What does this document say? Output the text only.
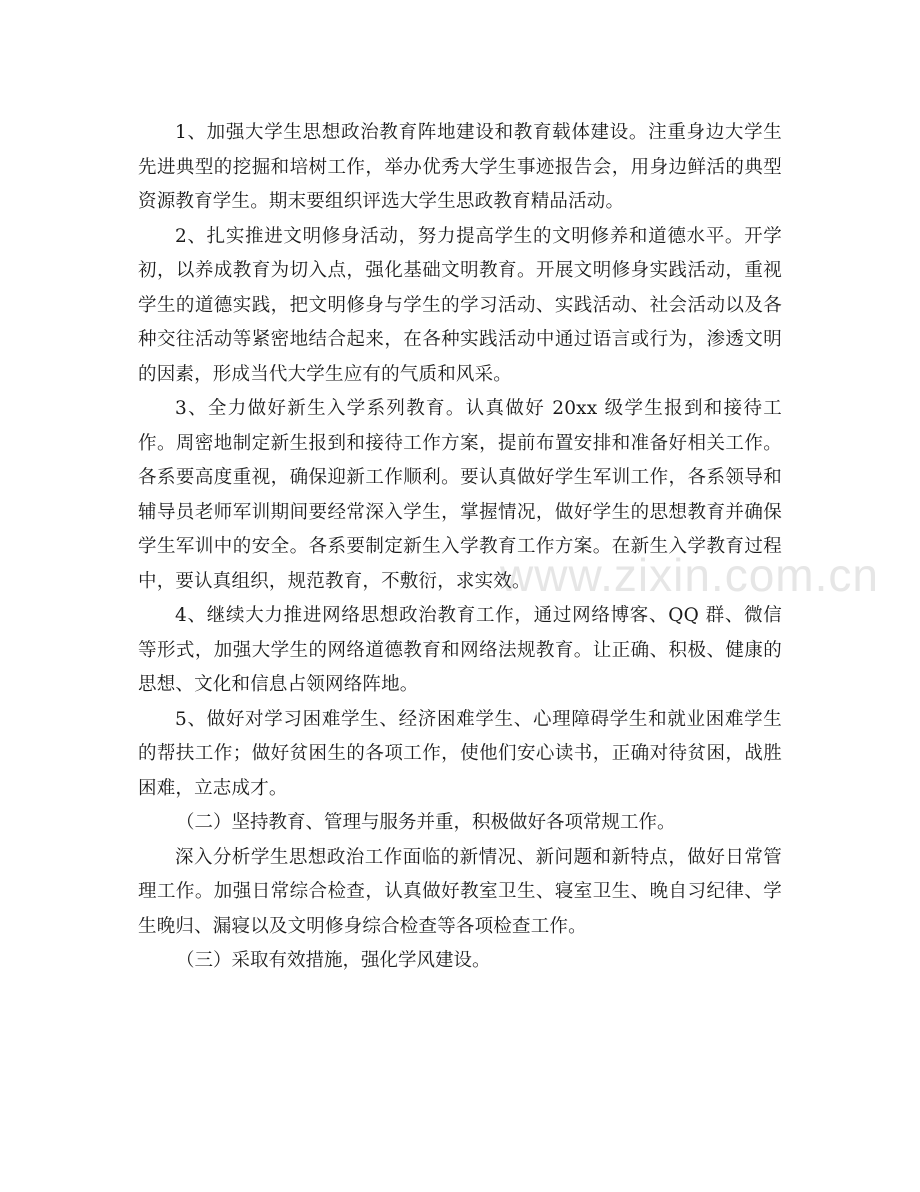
www.zixin.com.cn

1、加强大学生思想政治教育阵地建设和教育载体建设。注重身边大学生先进典型的挖掘和培树工作，举办优秀大学生事迹报告会，用身边鲜活的典型资源教育学生。期末要组织评选大学生思政教育精品活动。

2、扎实推进文明修身活动，努力提高学生的文明修养和道德水平。开学初，以养成教育为切入点，强化基础文明教育。开展文明修身实践活动，重视学生的道德实践，把文明修身与学生的学习活动、实践活动、社会活动以及各种交往活动等紧密地结合起来，在各种实践活动中通过语言或行为，渗透文明的因素，形成当代大学生应有的气质和风采。

3、全力做好新生入学系列教育。认真做好 20xx 级学生报到和接待工作。周密地制定新生报到和接待工作方案，提前布置安排和准备好相关工作。各系要高度重视，确保迎新工作顺利。要认真做好学生军训工作，各系领导和辅导员老师军训期间要经常深入学生，掌握情况，做好学生的思想教育并确保学生军训中的安全。各系要制定新生入学教育工作方案。在新生入学教育过程中，要认真组织，规范教育，不敷衍，求实效。

4、继续大力推进网络思想政治教育工作，通过网络博客、QQ 群、微信等形式，加强大学生的网络道德教育和网络法规教育。让正确、积极、健康的思想、文化和信息占领网络阵地。

5、做好对学习困难学生、经济困难学生、心理障碍学生和就业困难学生的帮扶工作；做好贫困生的各项工作，使他们安心读书，正确对待贫困，战胜困难，立志成才。

（二）坚持教育、管理与服务并重，积极做好各项常规工作。

深入分析学生思想政治工作面临的新情况、新问题和新特点，做好日常管理工作。加强日常综合检查，认真做好教室卫生、寝室卫生、晚自习纪律、学生晚归、漏寝以及文明修身综合检查等各项检查工作。

（三）采取有效措施，强化学风建设。
